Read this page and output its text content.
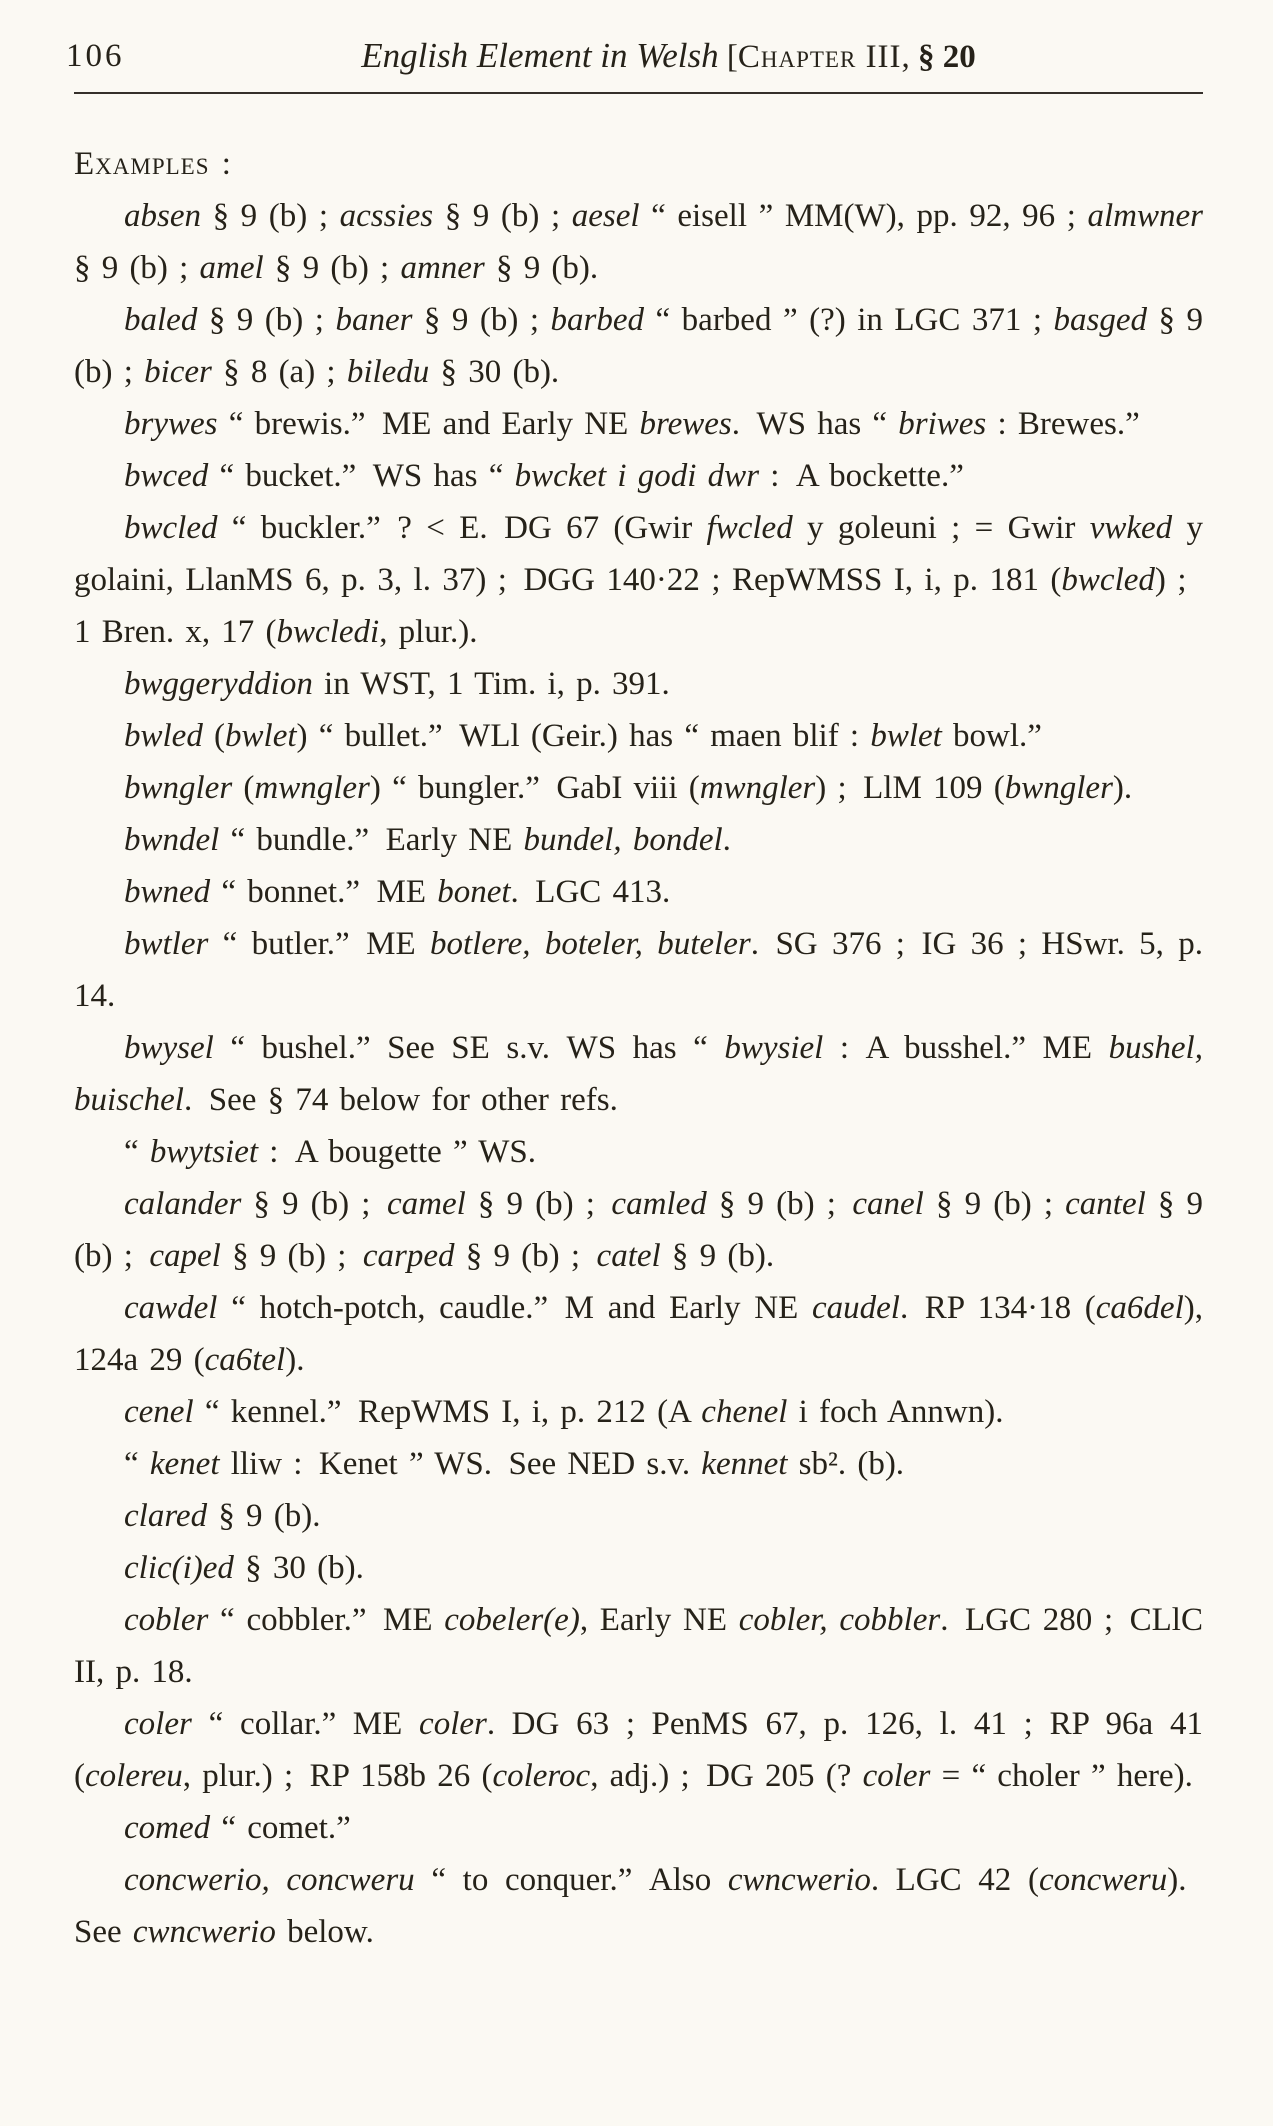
106	English Element in Welsh [Chapter III, § 20

Examples :

absen § 9 (b) ; acssies § 9 (b) ; aesel “ eisell ” MM(W), pp. 92, 96 ; almwner § 9 (b) ; amel § 9 (b) ; amner § 9 (b).

baled § 9 (b) ; baner § 9 (b) ; barbed “ barbed ” (?) in LGC 371 ; basged § 9 (b) ; bicer § 8 (a) ; biledu § 30 (b).

brywes “ brewis.” ME and Early NE brewes. WS has “ briwes : Brewes.”

bwced “ bucket.” WS has “ bwcket i godi dwr : A bockette.”

bwcled “ buckler.” ? < E. DG 67 (Gwir fwcled y goleuni ; = Gwir vwked y golaini, LlanMS 6, p. 3, l. 37) ; DGG 140·22 ; RepWMSS I, i, p. 181 (bwcled) ; 1 Bren. x, 17 (bwcledi, plur.).

bwggeryddion in WST, 1 Tim. i, p. 391.

bwled (bwlet) “ bullet.” WLl (Geir.) has “ maen blif : bwlet bowl.”

bwngler (mwngler) “ bungler.” GabI viii (mwngler) ; LlM 109 (bwngler).

bwndel “ bundle.” Early NE bundel, bondel.

bwned “ bonnet.” ME bonet. LGC 413.

bwtler “ butler.” ME botlere, boteler, buteler. SG 376 ; IG 36 ; HSwr. 5, p. 14.

bwysel “ bushel.” See SE s.v. WS has “ bwysiel : A busshel.” ME bushel, buischel. See § 74 below for other refs.

“ bwytsiet : A bougette ” WS.

calander § 9 (b) ; camel § 9 (b) ; camled § 9 (b) ; canel § 9 (b) ; cantel § 9 (b) ; capel § 9 (b) ; carped § 9 (b) ; catel § 9 (b).

cawdel “ hotch-potch, caudle.” M and Early NE caudel. RP 134·18 (ca6del), 124a 29 (ca6tel).

cenel “ kennel.” RepWMS I, i, p. 212 (A chenel i foch Annwn).

“ kenet lliw : Kenet ” WS. See NED s.v. kennet sb². (b).

clared § 9 (b).

clic(i)ed § 30 (b).

cobler “ cobbler.” ME cobeler(e), Early NE cobler, cobbler. LGC 280 ; CLlC II, p. 18.

coler “ collar.” ME coler. DG 63 ; PenMS 67, p. 126, l. 41 ; RP 96a 41 (colereu, plur.) ; RP 158b 26 (coleroc, adj.) ; DG 205 (? coler = “ choler ” here).

comed “ comet.”

concwerio, concweru “ to conquer.” Also cwncwerio. LGC 42 (concweru). See cwncwerio below.
